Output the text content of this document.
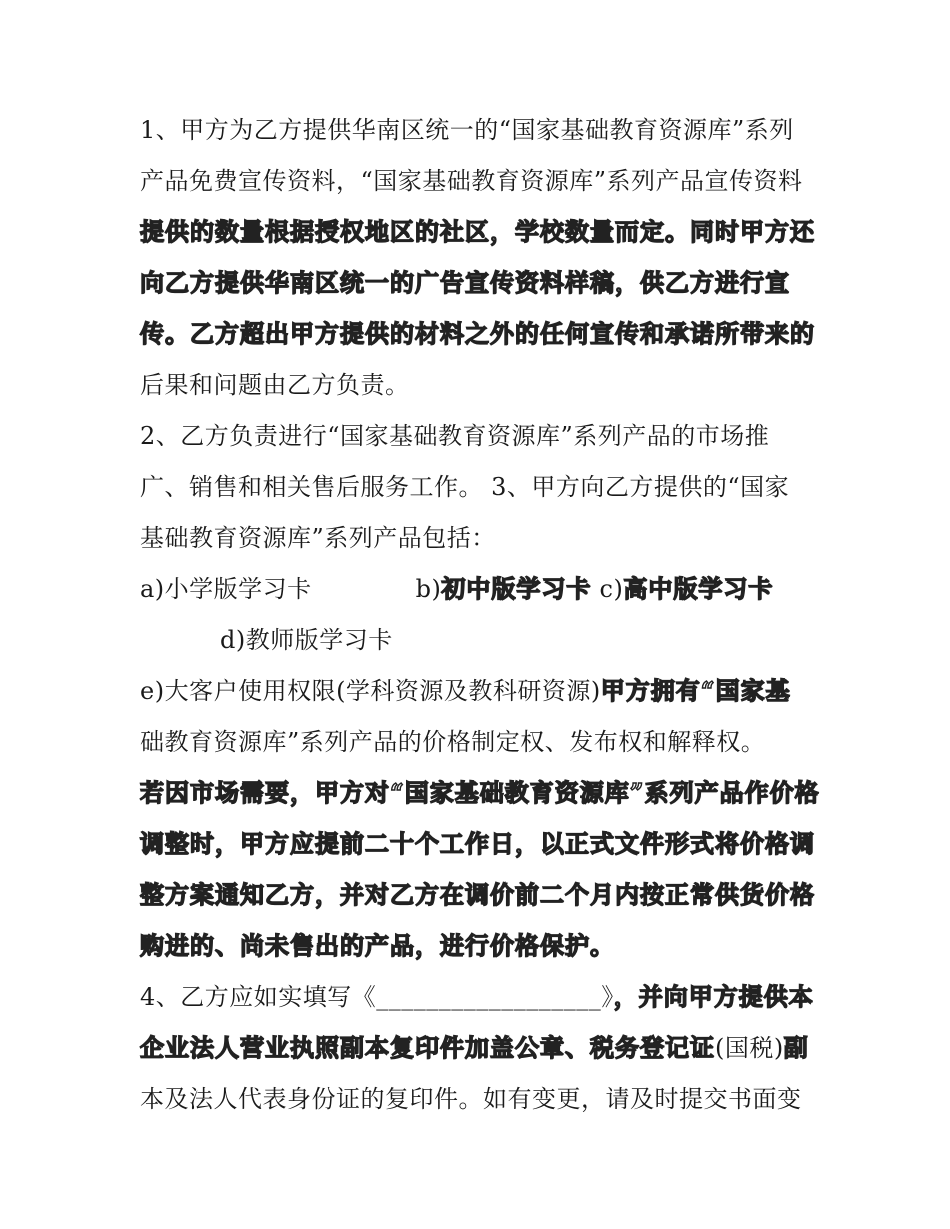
1、甲方为乙方提供华南区统一的“国家基础教育资源库”系列
产品免费宣传资料，“国家基础教育资源库”系列产品宣传资料
提供的数量根据授权地区的社区，学校数量而定。同时甲方还
向乙方提供华南区统一的广告宣传资料样稿，供乙方进行宣
传。乙方超出甲方提供的材料之外的任何宣传和承诺所带来的
后果和问题由乙方负责。
2、乙方负责进行“国家基础教育资源库”系列产品的市场推
广、销售和相关售后服务工作。 3、甲方向乙方提供的“国家
基础教育资源库”系列产品包括：
a)小学版学习卡	b)初中版学习卡 c)高中版学习卡
d)教师版学习卡
e)大客户使用权限(学科资源及教科研资源)甲方拥有“国家基
础教育资源库”系列产品的价格制定权、发布权和解释权。
若因市场需要，甲方对“国家基础教育资源库”系列产品作价格
调整时，甲方应提前二十个工作日，以正式文件形式将价格调
整方案通知乙方，并对乙方在调价前二个月内按正常供货价格
购进的、尚未售出的产品，进行价格保护。
4、乙方应如实填写《__________________》，并向甲方提供本
企业法人营业执照副本复印件加盖公章、税务登记证(国税)副
本及法人代表身份证的复印件。如有变更，请及时提交书面变
